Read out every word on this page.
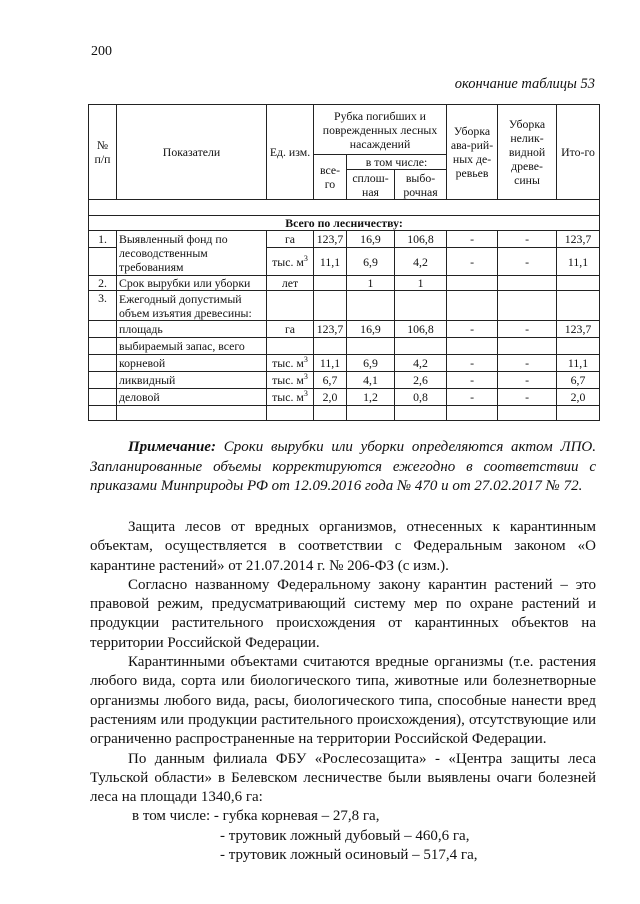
200
окончание таблицы 53
№ п/п	Показатели	Ед. изм.	Рубка погибших и поврежденных лесных насаждений			Уборка ава-рий-ных де-ревьев	Уборка нелик-видной древе-сины	Ито-го
			все-го	в том числе:				
				сплош-ная	выбо-рочная			

Всего по лесничеству:								
1.	Выявленный фонд по лесоводственным требованиям	га	123,7	16,9	106,8	-	-	123,7
		тыс. $м^3$	11,1	6,9	4,2	-	-	11,1
2.	Срок вырубки или уборки	лет		1	1			
3.	Ежегодный допустимый объем изъятия древесины:							
	площадь	га	123,7	16,9	106,8	-	-	123,7
	выбираемый запас, всего							
	корневой	тыс. $м^3$	11,1	6,9	4,2	-	-	11,1
	ликвидный	тыс. $м^3$	6,7	4,1	2,6	-	-	6,7
	деловой	тыс. $м^3$	2,0	1,2	0,8	-	-	2,0

Примечание: Сроки вырубки или уборки определяются актом ЛПО. Запланированные объемы корректируются ежегодно в соответствии с приказами Минприроды РФ от 12.09.2016 года № 470 и от 27.02.2017 № 72.

Защита лесов от вредных организмов, отнесенных к карантинным объектам, осуществляется в соответствии с Федеральным законом «О карантине растений» от 21.07.2014 г. № 206-ФЗ (с изм.).

Согласно названному Федеральному закону карантин растений – это правовой режим, предусматривающий систему мер по охране растений и продукции растительного происхождения от карантинных объектов на территории Российской Федерации.

Карантинными объектами считаются вредные организмы (т.е. растения любого вида, сорта или биологического типа, животные или болезнетворные организмы любого вида, расы, биологического типа, способные нанести вред растениям или продукции растительного происхождения), отсутствующие или ограниченно распространенные на территории Российской Федерации.

По данным филиала ФБУ «Рослесозащита» - «Центра защиты леса Тульской области» в Белевском лесничестве были выявлены очаги болезней леса на площади 1340,6 га:

в том числе: - губка корневая – 27,8 га,

- трутовик ложный дубовый – 460,6 га,

- трутовик ложный осиновый – 517,4 га,
